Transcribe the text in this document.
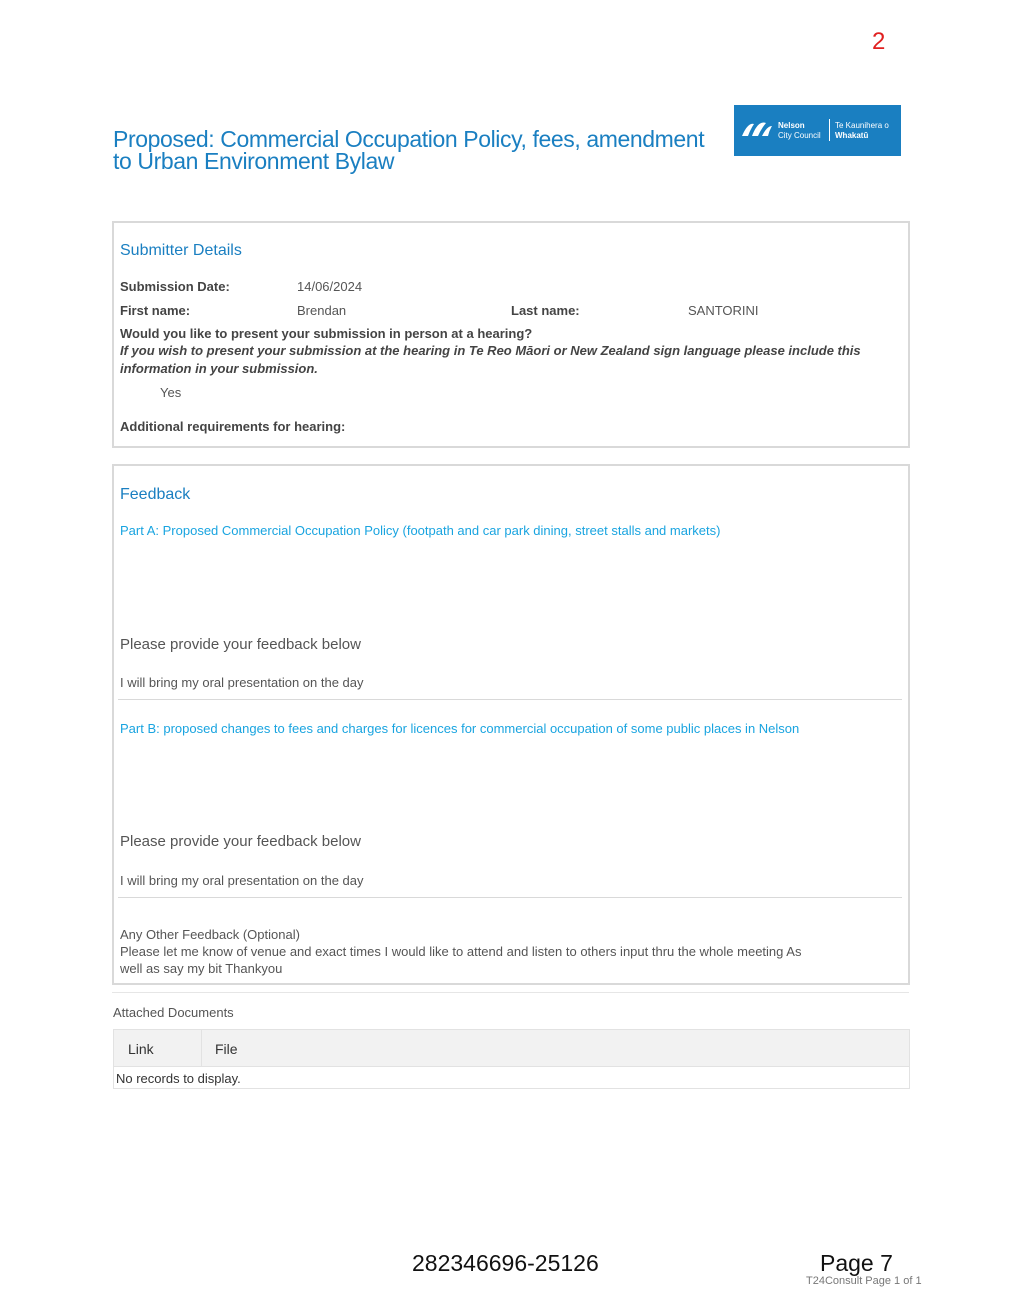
2
Proposed: Commercial Occupation Policy, fees, amendment to Urban Environment Bylaw
Nelson
City Council
Te Kaunihera o
Whakatū
Submitter Details
Submission Date:	14/06/2024
First name:	Brendan	Last name:	SANTORINI
Would you like to present your submission in person at a hearing?
If you wish to present your submission at the hearing in Te Reo Māori or New Zealand sign language please include this information in your submission.
Yes
Additional requirements for hearing:
Feedback
Part A: Proposed Commercial Occupation Policy (footpath and car park dining, street stalls and markets)
Please provide your feedback below
I will bring my oral presentation on the day
Part B: proposed changes to fees and charges for licences for commercial occupation of some public places in Nelson
Please provide your feedback below
I will bring my oral presentation on the day
Any Other Feedback (Optional)
Please let me know of venue and exact times I would like to attend and listen to others input thru the whole meeting As
well as say my bit Thankyou
Attached Documents
Link	File
No records to display.
282346696-25126	Page 7
T24Consult Page 1 of 1
